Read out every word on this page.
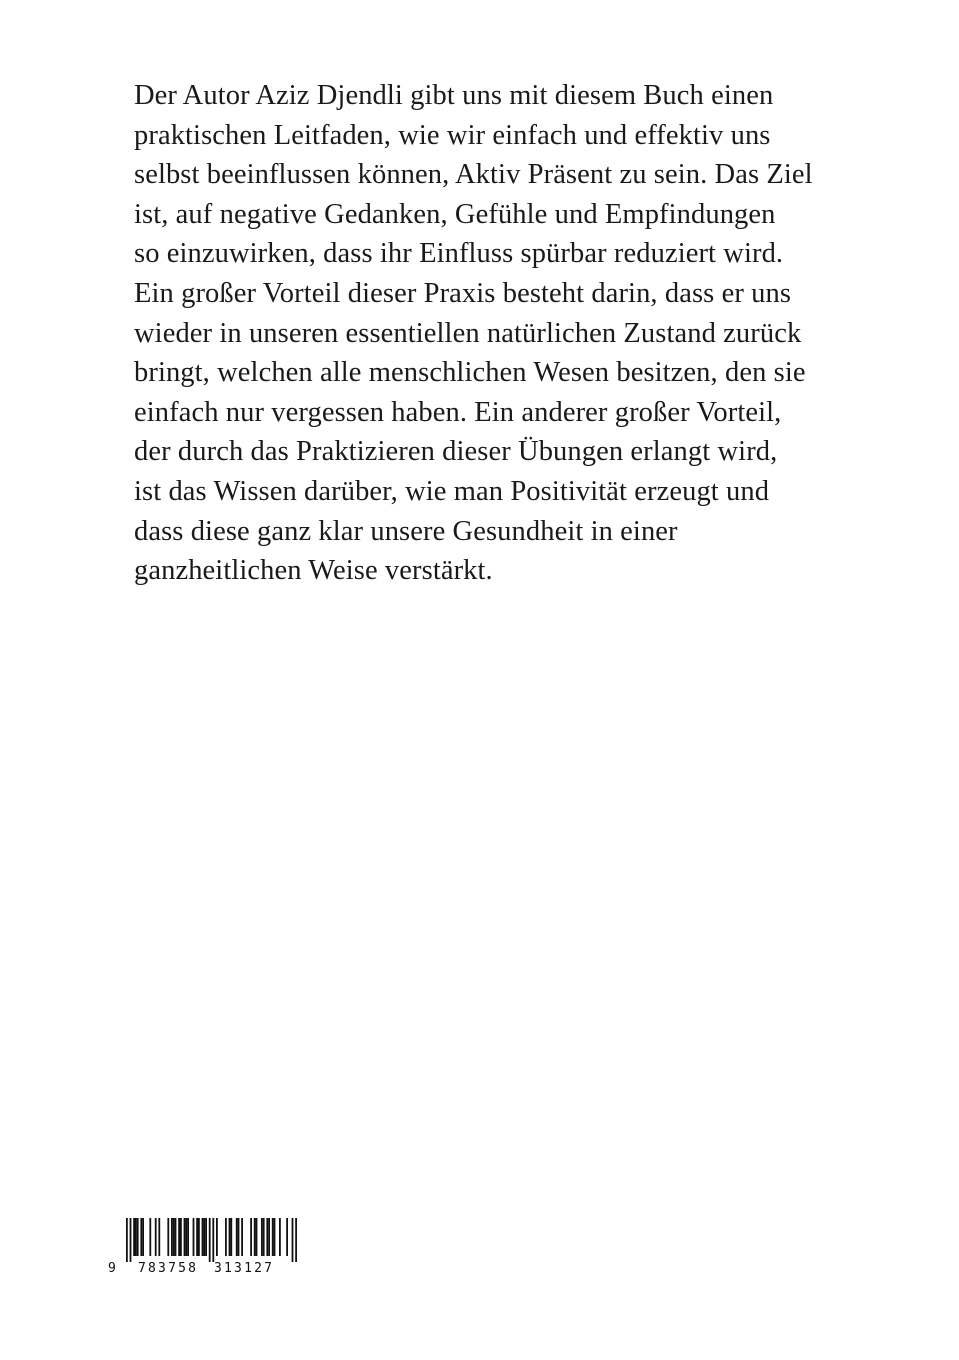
Der Autor Aziz Djendli gibt uns mit diesem Buch einen
praktischen Leitfaden, wie wir einfach und effektiv uns
selbst beeinflussen können, Aktiv Präsent zu sein. Das Ziel
ist, auf negative Gedanken, Gefühle und Empfindungen
so einzuwirken, dass ihr Einfluss spürbar reduziert wird.
Ein großer Vorteil dieser Praxis besteht darin, dass er uns
wieder in unseren essentiellen natürlichen Zustand zurück
bringt, welchen alle menschlichen Wesen besitzen, den sie
einfach nur vergessen haben. Ein anderer großer Vorteil,
der durch das Praktizieren dieser Übungen erlangt wird,
ist das Wissen darüber, wie man Positivität erzeugt und
dass diese ganz klar unsere Gesundheit in einer
ganzheitlichen Weise verstärkt.
9 783758 313127
